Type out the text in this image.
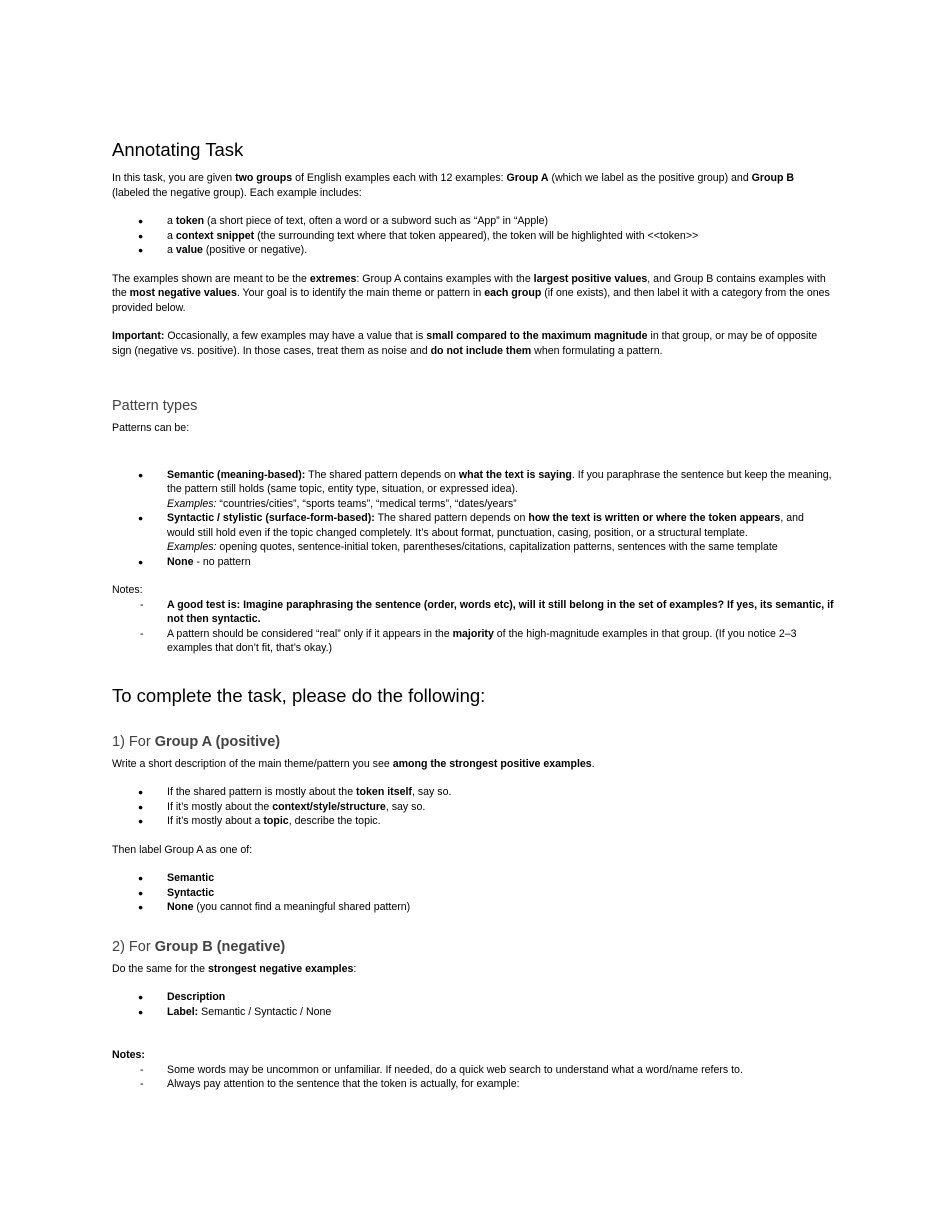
Annotating Task

In this task, you are given two groups of English examples each with 12 examples: Group A (which we label as the positive group) and Group B (labeled the negative group). Each example includes:

● a token (a short piece of text, often a word or a subword such as “App” in “Apple)
● a context snippet (the surrounding text where that token appeared), the token will be highlighted with <<token>>
● a value (positive or negative).

The examples shown are meant to be the extremes: Group A contains examples with the largest positive values, and Group B contains examples with the most negative values. Your goal is to identify the main theme or pattern in each group (if one exists), and then label it with a category from the ones provided below.

Important: Occasionally, a few examples may have a value that is small compared to the maximum magnitude in that group, or may be of opposite sign (negative vs. positive). In those cases, treat them as noise and do not include them when formulating a pattern.

Pattern types

Patterns can be:

● Semantic (meaning-based): The shared pattern depends on what the text is saying. If you paraphrase the sentence but keep the meaning, the pattern still holds (same topic, entity type, situation, or expressed idea).
Examples: “countries/cities”, “sports teams”, “medical terms”, “dates/years”
● Syntactic / stylistic (surface-form-based): The shared pattern depends on how the text is written or where the token appears, and would still hold even if the topic changed completely. It’s about format, punctuation, casing, position, or a structural template.
Examples: opening quotes, sentence-initial token, parentheses/citations, capitalization patterns, sentences with the same template
● None - no pattern

Notes:

- A good test is: Imagine paraphrasing the sentence (order, words etc), will it still belong in the set of examples? If yes, its semantic, if not then syntactic.
- A pattern should be considered “real” only if it appears in the majority of the high-magnitude examples in that group. (If you notice 2–3 examples that don’t fit, that’s okay.)
To complete the task, please do the following:
1) For Group A (positive)

Write a short description of the main theme/pattern you see among the strongest positive examples.

● If the shared pattern is mostly about the token itself, say so.
● If it’s mostly about the context/style/structure, say so.
● If it’s mostly about a topic, describe the topic.

Then label Group A as one of:

● Semantic
● Syntactic
● None (you cannot find a meaningful shared pattern)
2) For Group B (negative)

Do the same for the strongest negative examples:

● Description
● Label: Semantic / Syntactic / None

Notes:

- Some words may be uncommon or unfamiliar. If needed, do a quick web search to understand what a word/name refers to.
- Always pay attention to the sentence that the token is actually, for example:
